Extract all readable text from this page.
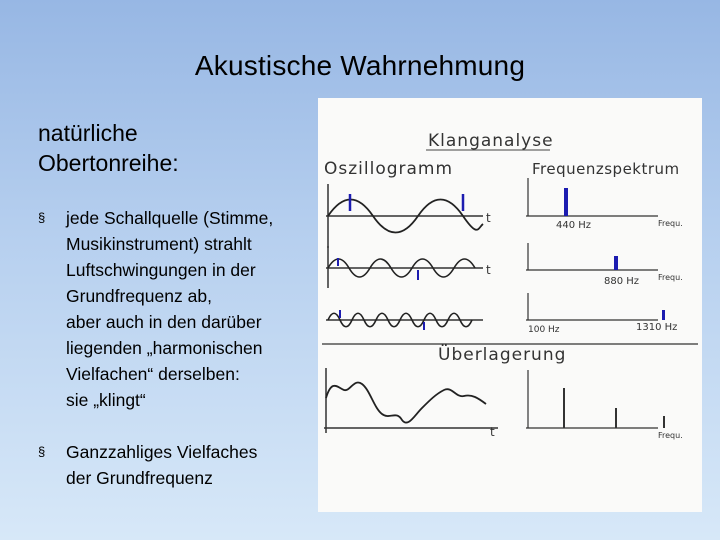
Akustische Wahrnehmung
natürliche
Obertonreihe:
§ jede Schallquelle (Stimme,
Musikinstrument) strahlt
Luftschwingungen in der
Grundfrequenz ab,
aber auch in den darüber
liegenden „harmonischen
Vielfachen“ derselben:
sie „klingt“
§ Ganzzahliges Vielfaches
der Grundfrequenz
Klanganalyse
Oszillogramm	Frequenzspektrum
Überlagerung
t
440 Hz	Frequ.
t
880 Hz Frequ.
1310 Hz
100 Hz
t	Frequ.
